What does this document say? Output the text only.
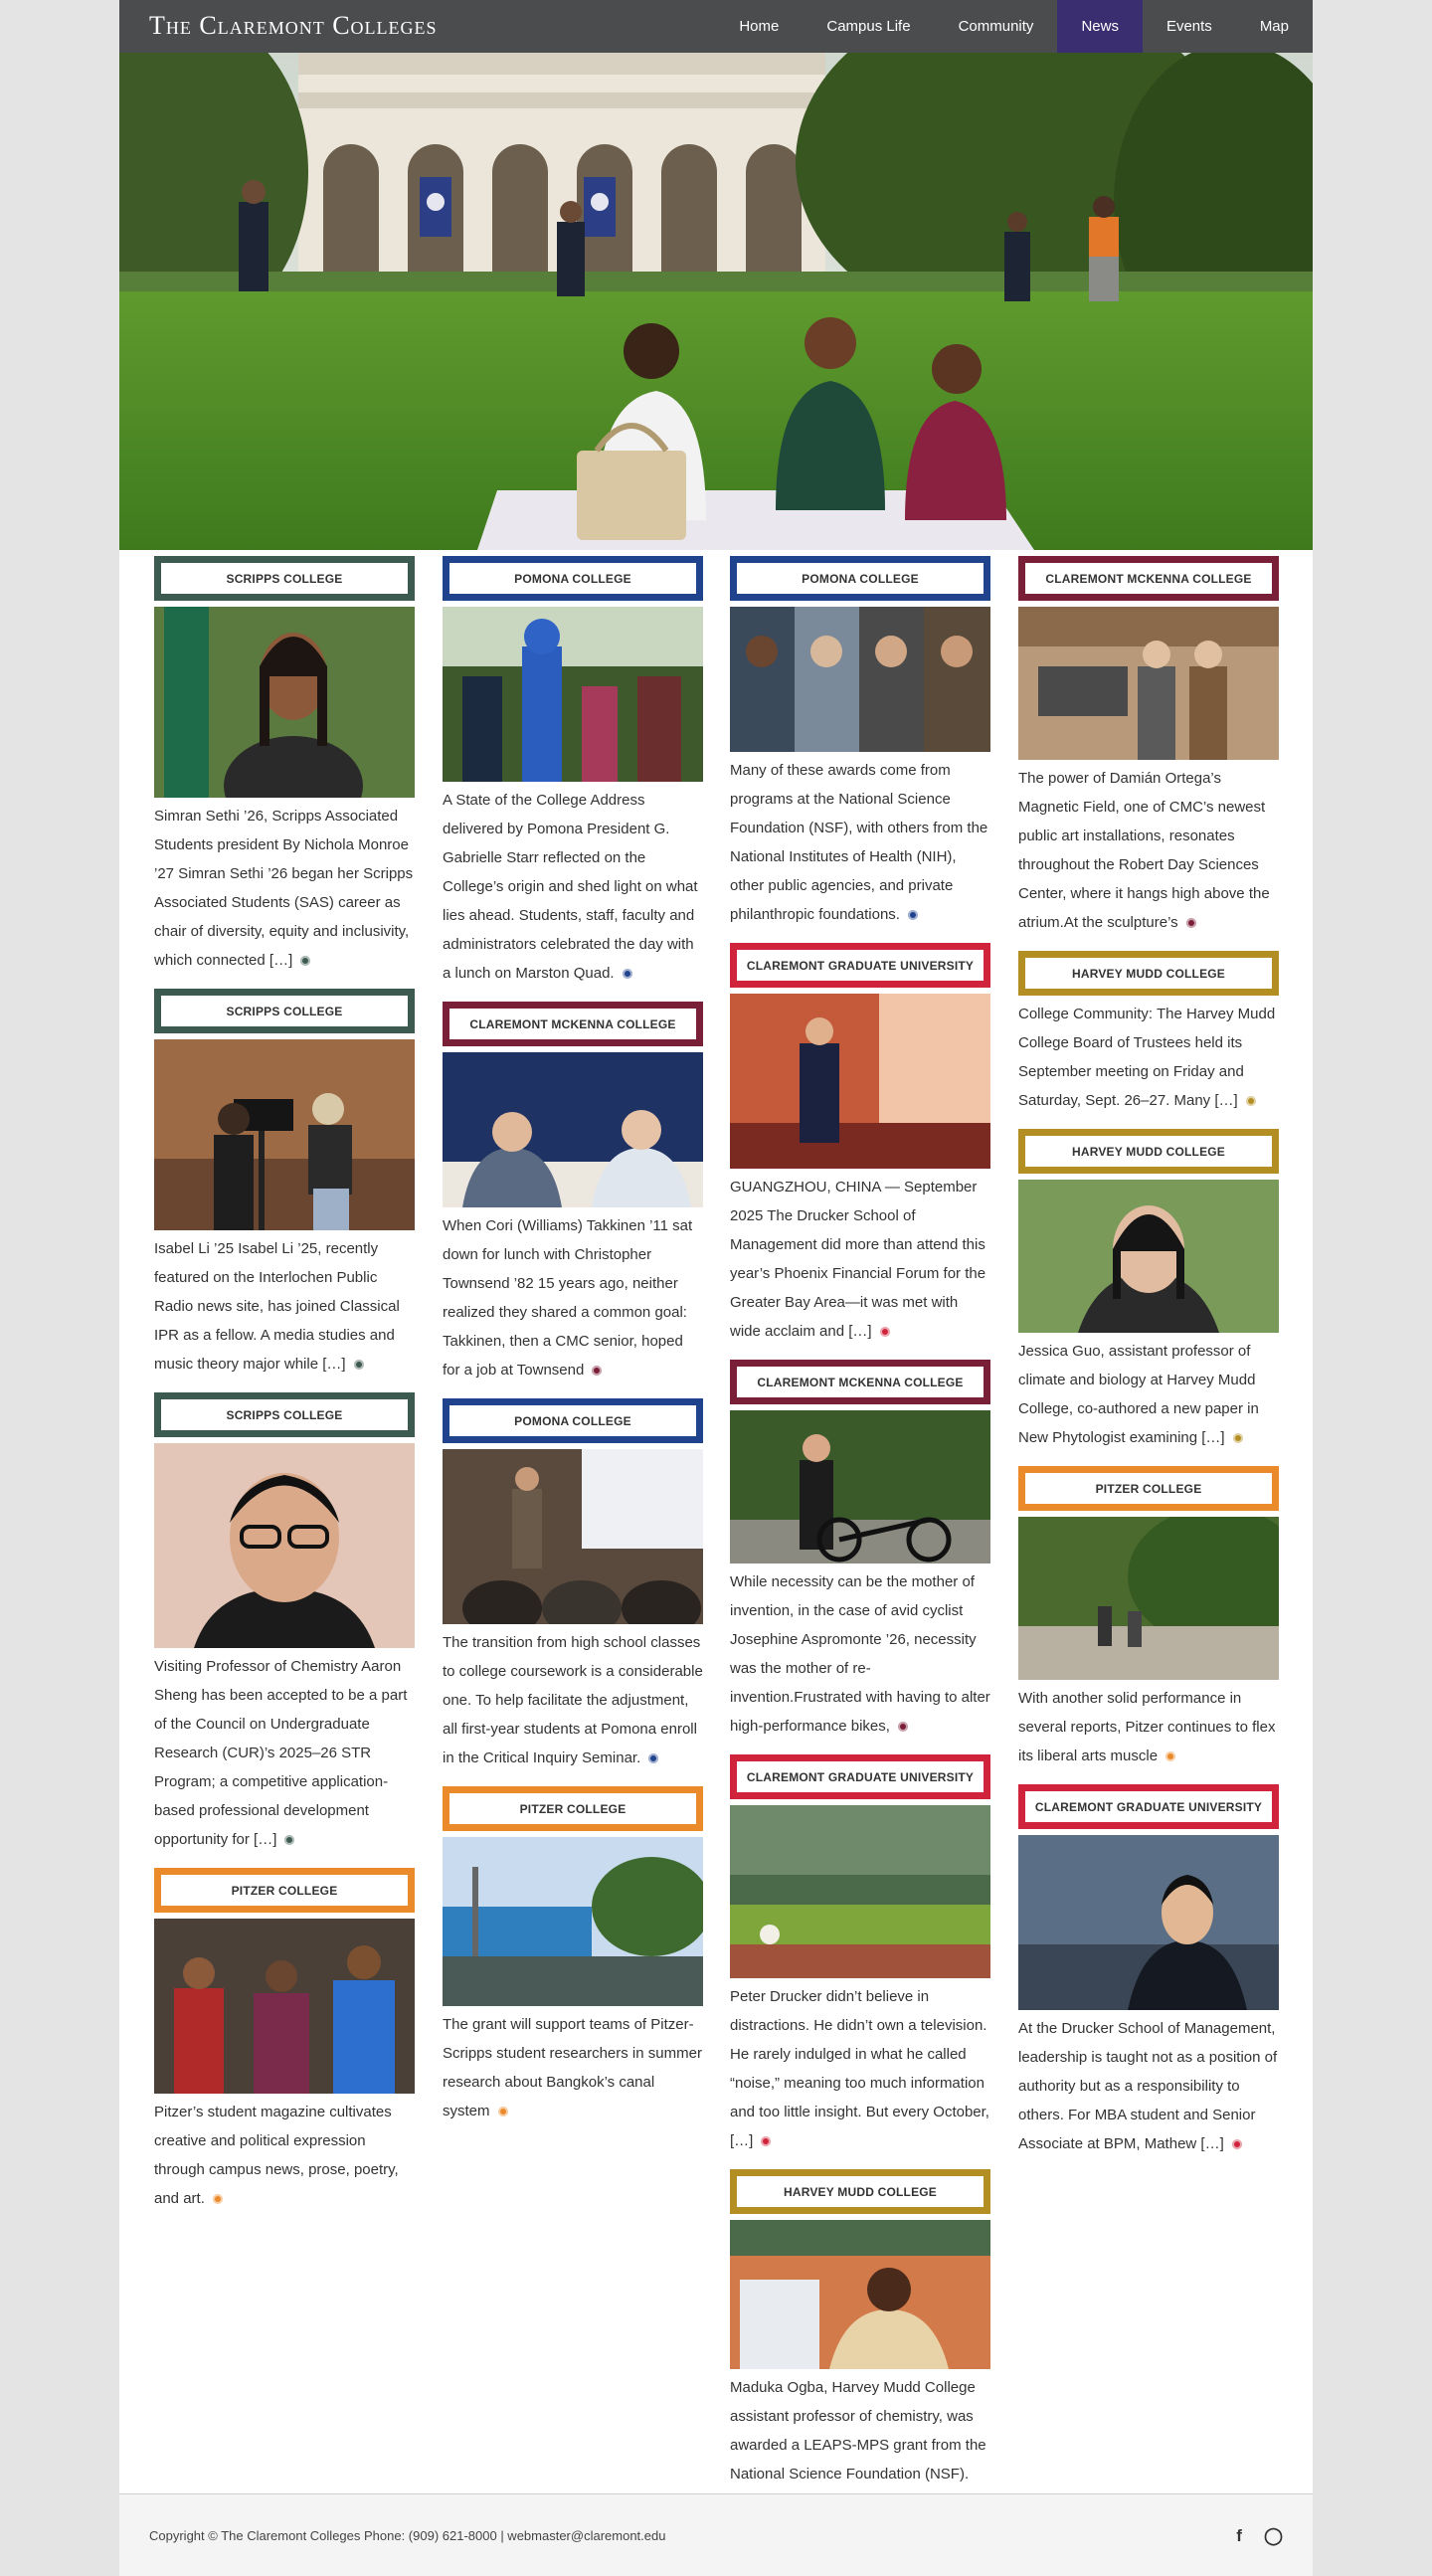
The Claremont Colleges	Home	Campus Life	Community	News	Events	Map
SCRIPPS COLLEGE
Simran Sethi ’26, Scripps Associated Students president By Nichola Monroe ’27 Simran Sethi ’26 began her Scripps Associated Students (SAS) career as chair of diversity, equity and inclusivity, which connected […]
SCRIPPS COLLEGE
Isabel Li ’25 Isabel Li ’25, recently featured on the Interlochen Public Radio news site, has joined Classical IPR as a fellow. A media studies and music theory major while […]
SCRIPPS COLLEGE
Visiting Professor of Chemistry Aaron Sheng has been accepted to be a part of the Council on Undergraduate Research (CUR)’s 2025–26 STR Program; a competitive application-based professional development opportunity for […]
PITZER COLLEGE
Pitzer’s student magazine cultivates creative and political expression through campus news, prose, poetry, and art.
POMONA COLLEGE
A State of the College Address delivered by Pomona President G. Gabrielle Starr reflected on the College’s origin and shed light on what lies ahead. Students, staff, faculty and administrators celebrated the day with a lunch on Marston Quad.
CLAREMONT MCKENNA COLLEGE
When Cori (Williams) Takkinen ’11 sat down for lunch with Christopher Townsend ’82 15 years ago, neither realized they shared a common goal: Takkinen, then a CMC senior, hoped for a job at Townsend
POMONA COLLEGE
The transition from high school classes to college coursework is a considerable one. To help facilitate the adjustment, all first-year students at Pomona enroll in the Critical Inquiry Seminar.
PITZER COLLEGE
The grant will support teams of Pitzer-Scripps student researchers in summer research about Bangkok’s canal system
POMONA COLLEGE
Many of these awards come from programs at the National Science Foundation (NSF), with others from the National Institutes of Health (NIH), other public agencies, and private philanthropic foundations.
CLAREMONT GRADUATE UNIVERSITY
GUANGZHOU, CHINA — September 2025 The Drucker School of Management did more than attend this year’s Phoenix Financial Forum for the Greater Bay Area—it was met with wide acclaim and […]
CLAREMONT MCKENNA COLLEGE
While necessity can be the mother of invention, in the case of avid cyclist Josephine Aspromonte ’26, necessity was the mother of re-invention.Frustrated with having to alter high-performance bikes,
CLAREMONT GRADUATE UNIVERSITY
Peter Drucker didn’t believe in distractions. He didn’t own a television. He rarely indulged in what he called “noise,” meaning too much information and too little insight. But every October, […]
HARVEY MUDD COLLEGE
Maduka Ogba, Harvey Mudd College assistant professor of chemistry, was awarded a LEAPS-MPS grant from the National Science Foundation (NSF).
CLAREMONT MCKENNA COLLEGE
The power of Damián Ortega’s Magnetic Field, one of CMC’s newest public art installations, resonates throughout the Robert Day Sciences Center, where it hangs high above the atrium.At the sculpture’s
HARVEY MUDD COLLEGE
College Community: The Harvey Mudd College Board of Trustees held its September meeting on Friday and Saturday, Sept. 26–27. Many […]
HARVEY MUDD COLLEGE
Jessica Guo, assistant professor of climate and biology at Harvey Mudd College, co-authored a new paper in New Phytologist examining […]
PITZER COLLEGE
With another solid performance in several reports, Pitzer continues to flex its liberal arts muscle
CLAREMONT GRADUATE UNIVERSITY
At the Drucker School of Management, leadership is taught not as a position of authority but as a responsibility to others. For MBA student and Senior Associate at BPM, Mathew […]
Copyright © The Claremont Colleges Phone: (909) 621-8000 | webmaster@claremont.edu	f ◯
